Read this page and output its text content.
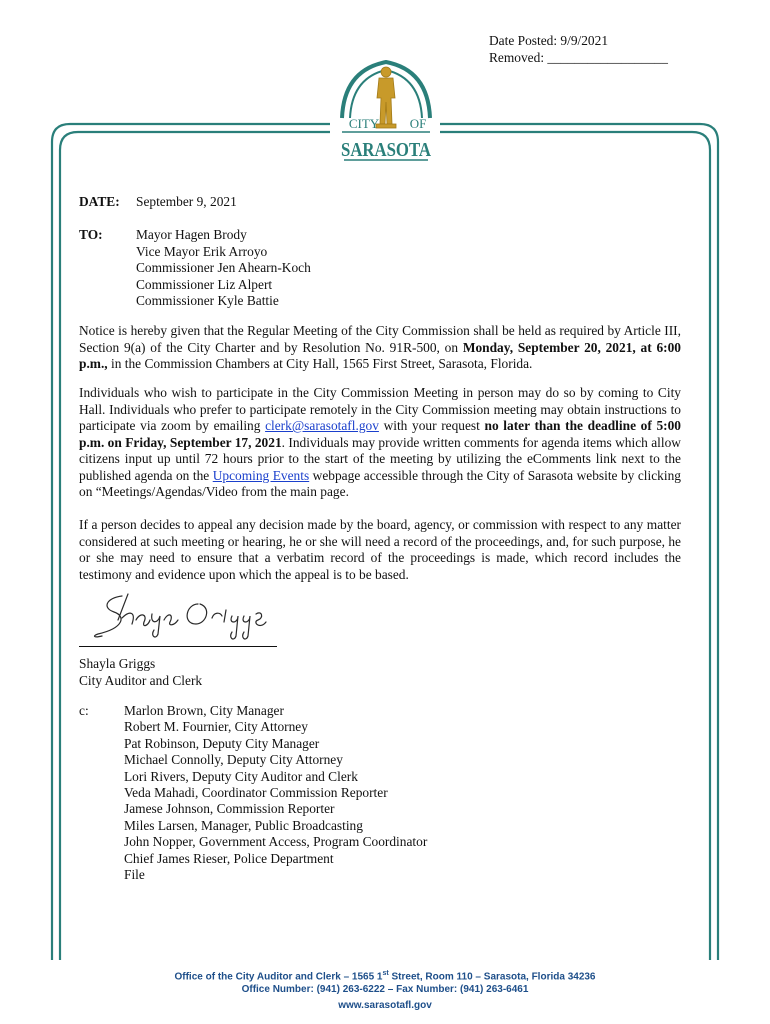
Date Posted: 9/9/2021
Removed: __________________
CITY OF
SARASOTA
DATE: September 9, 2021
TO: Mayor Hagen Brody
Vice Mayor Erik Arroyo
Commissioner Jen Ahearn-Koch
Commissioner Liz Alpert
Commissioner Kyle Battie
Notice is hereby given that the Regular Meeting of the City Commission shall be held as required by Article III, Section 9(a) of the City Charter and by Resolution No. 91R-500, on Monday, September 20, 2021, at 6:00 p.m., in the Commission Chambers at City Hall, 1565 First Street, Sarasota, Florida.
Individuals who wish to participate in the City Commission Meeting in person may do so by coming to City Hall. Individuals who prefer to participate remotely in the City Commission meeting may obtain instructions to participate via zoom by emailing clerk@sarasotafl.gov with your request no later than the deadline of 5:00 p.m. on Friday, September 17, 2021. Individuals may provide written comments for agenda items which allow citizens input up until 72 hours prior to the start of the meeting by utilizing the eComments link next to the published agenda on the Upcoming Events webpage accessible through the City of Sarasota website by clicking on “Meetings/Agendas/Video from the main page.
If a person decides to appeal any decision made by the board, agency, or commission with respect to any matter considered at such meeting or hearing, he or she will need a record of the proceedings, and, for such purpose, he or she may need to ensure that a verbatim record of the proceedings is made, which record includes the testimony and evidence upon which the appeal is to be based.
Shayla Griggs
City Auditor and Clerk
c:	Marlon Brown, City Manager
Robert M. Fournier, City Attorney
Pat Robinson, Deputy City Manager
Michael Connolly, Deputy City Attorney
Lori Rivers, Deputy City Auditor and Clerk
Veda Mahadi, Coordinator Commission Reporter
Jamese Johnson, Commission Reporter
Miles Larsen, Manager, Public Broadcasting
John Nopper, Government Access, Program Coordinator
Chief James Rieser, Police Department
File
Office of the City Auditor and Clerk – 1565 1st Street, Room 110 – Sarasota, Florida 34236
Office Number: (941) 263-6222 – Fax Number: (941) 263-6461
www.sarasotafl.gov
